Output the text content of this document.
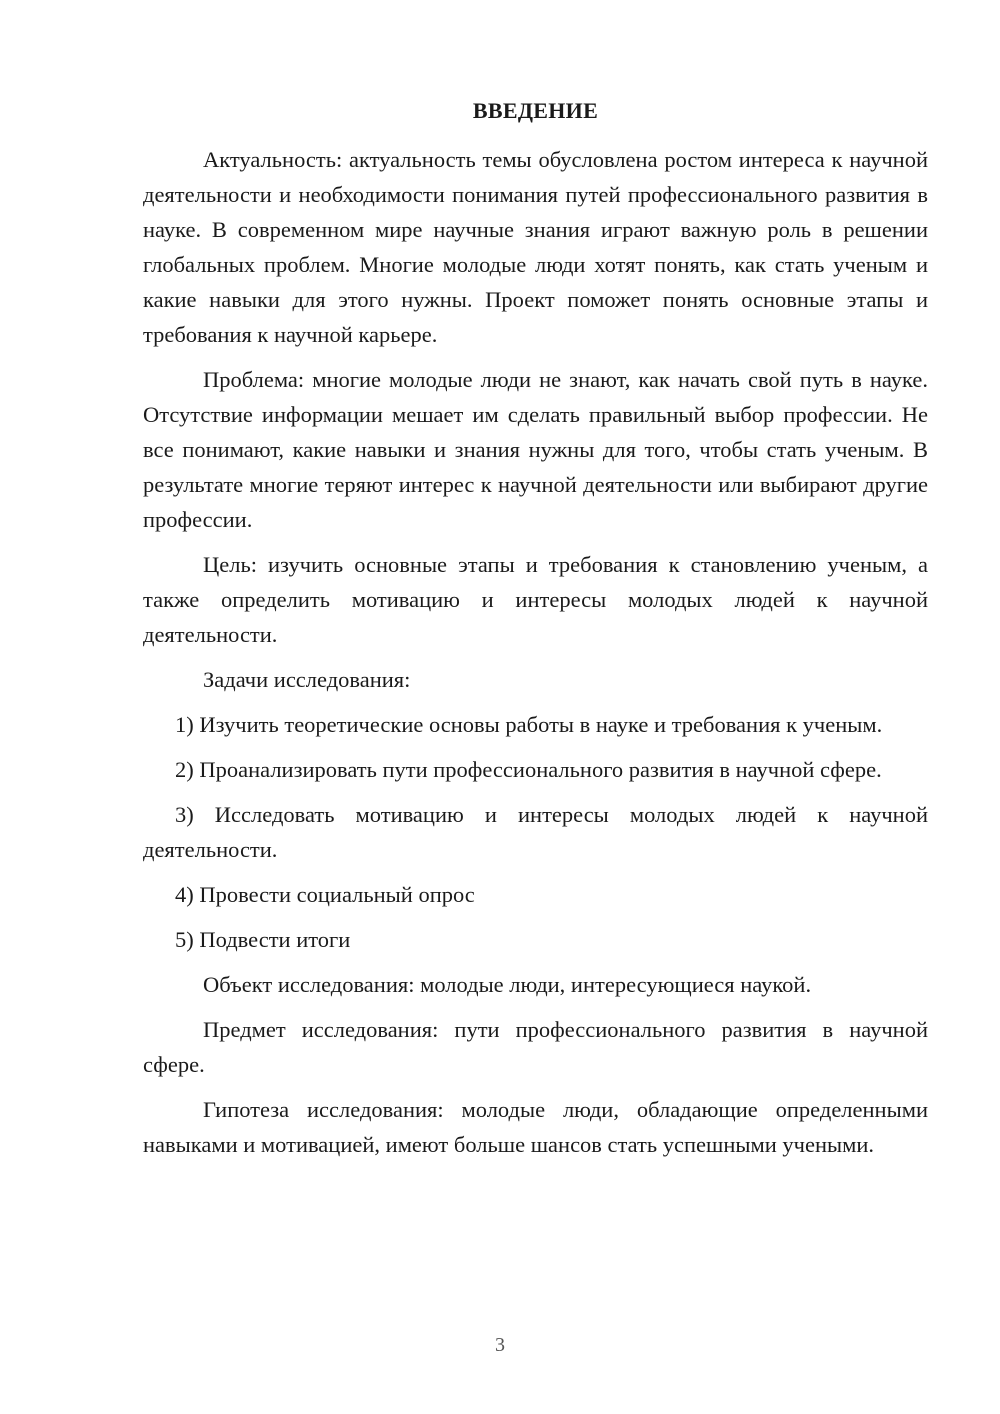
ВВЕДЕНИЕ

Актуальность: актуальность темы обусловлена ростом интереса к научной деятельности и необходимости понимания путей профессионального развития в науке. В современном мире научные знания играют важную роль в решении глобальных проблем. Многие молодые люди хотят понять, как стать ученым и какие навыки для этого нужны. Проект поможет понять основные этапы и требования к научной карьере.

Проблема: многие молодые люди не знают, как начать свой путь в науке. Отсутствие информации мешает им сделать правильный выбор профессии. Не все понимают, какие навыки и знания нужны для того, чтобы стать ученым. В результате многие теряют интерес к научной деятельности или выбирают другие профессии.

Цель: изучить основные этапы и требования к становлению ученым, а также определить мотивацию и интересы молодых людей к научной деятельности.

Задачи исследования:

1) Изучить теоретические основы работы в науке и требования к ученым.

2) Проанализировать пути профессионального развития в научной сфере.

3) Исследовать мотивацию и интересы молодых людей к научной деятельности.

4) Провести социальный опрос

5) Подвести итоги

Объект исследования: молодые люди, интересующиеся наукой.

Предмет исследования: пути профессионального развития в научной сфере.

Гипотеза исследования: молодые люди, обладающие определенными навыками и мотивацией, имеют больше шансов стать успешными учеными.

3
